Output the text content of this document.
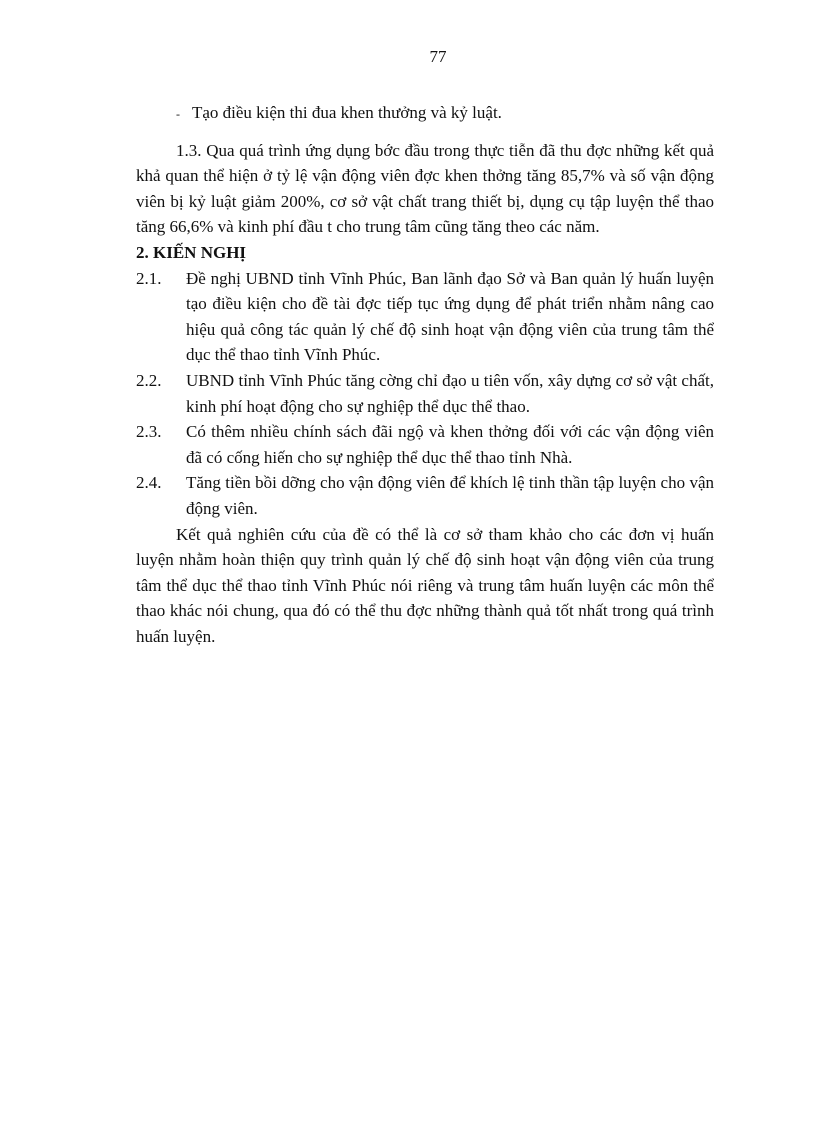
77

- Tạo điều kiện thi đua khen thưởng và kỷ luật.

1.3. Qua quá trình ứng dụng bớc đầu trong thực tiễn đã thu đợc những kết quả khả quan thể hiện ở tỷ lệ vận động viên đợc khen thởng tăng 85,7% và số vận động viên bị kỷ luật giảm 200%, cơ sở vật chất trang thiết bị, dụng cụ tập luyện thể thao tăng 66,6% và kinh phí đầu t cho trung tâm cũng tăng theo các năm.

2. KIẾN NGHỊ

2.1.	Đề nghị UBND tỉnh Vĩnh Phúc, Ban lãnh đạo Sở và Ban quản lý huấn luyện tạo điều kiện cho đề tài đợc tiếp tục ứng dụng để phát triển nhằm nâng cao hiệu quả công tác quản lý chế độ sinh hoạt vận động viên của trung tâm thể dục thể thao tỉnh Vĩnh Phúc.
2.2.	UBND tỉnh Vĩnh Phúc tăng cờng chỉ đạo u tiên vốn, xây dựng cơ sở vật chất, kinh phí hoạt động cho sự nghiệp thể dục thể thao.
2.3.	Có thêm nhiều chính sách đãi ngộ và khen thởng đối với các vận động viên đã có cống hiến cho sự nghiệp thể dục thể thao tỉnh Nhà.
2.4.	Tăng tiền bồi dỡng cho vận động viên để khích lệ tinh thần tập luyện cho vận động viên.

Kết quả nghiên cứu của đề có thể là cơ sở tham khảo cho các đơn vị huấn luyện nhằm hoàn thiện quy trình quản lý chế độ sinh hoạt vận động viên của trung tâm thể dục thể thao tỉnh Vĩnh Phúc nói riêng và trung tâm huấn luyện các môn thể thao khác nói chung, qua đó có thể thu đợc những thành quả tốt nhất trong quá trình huấn luyện.
